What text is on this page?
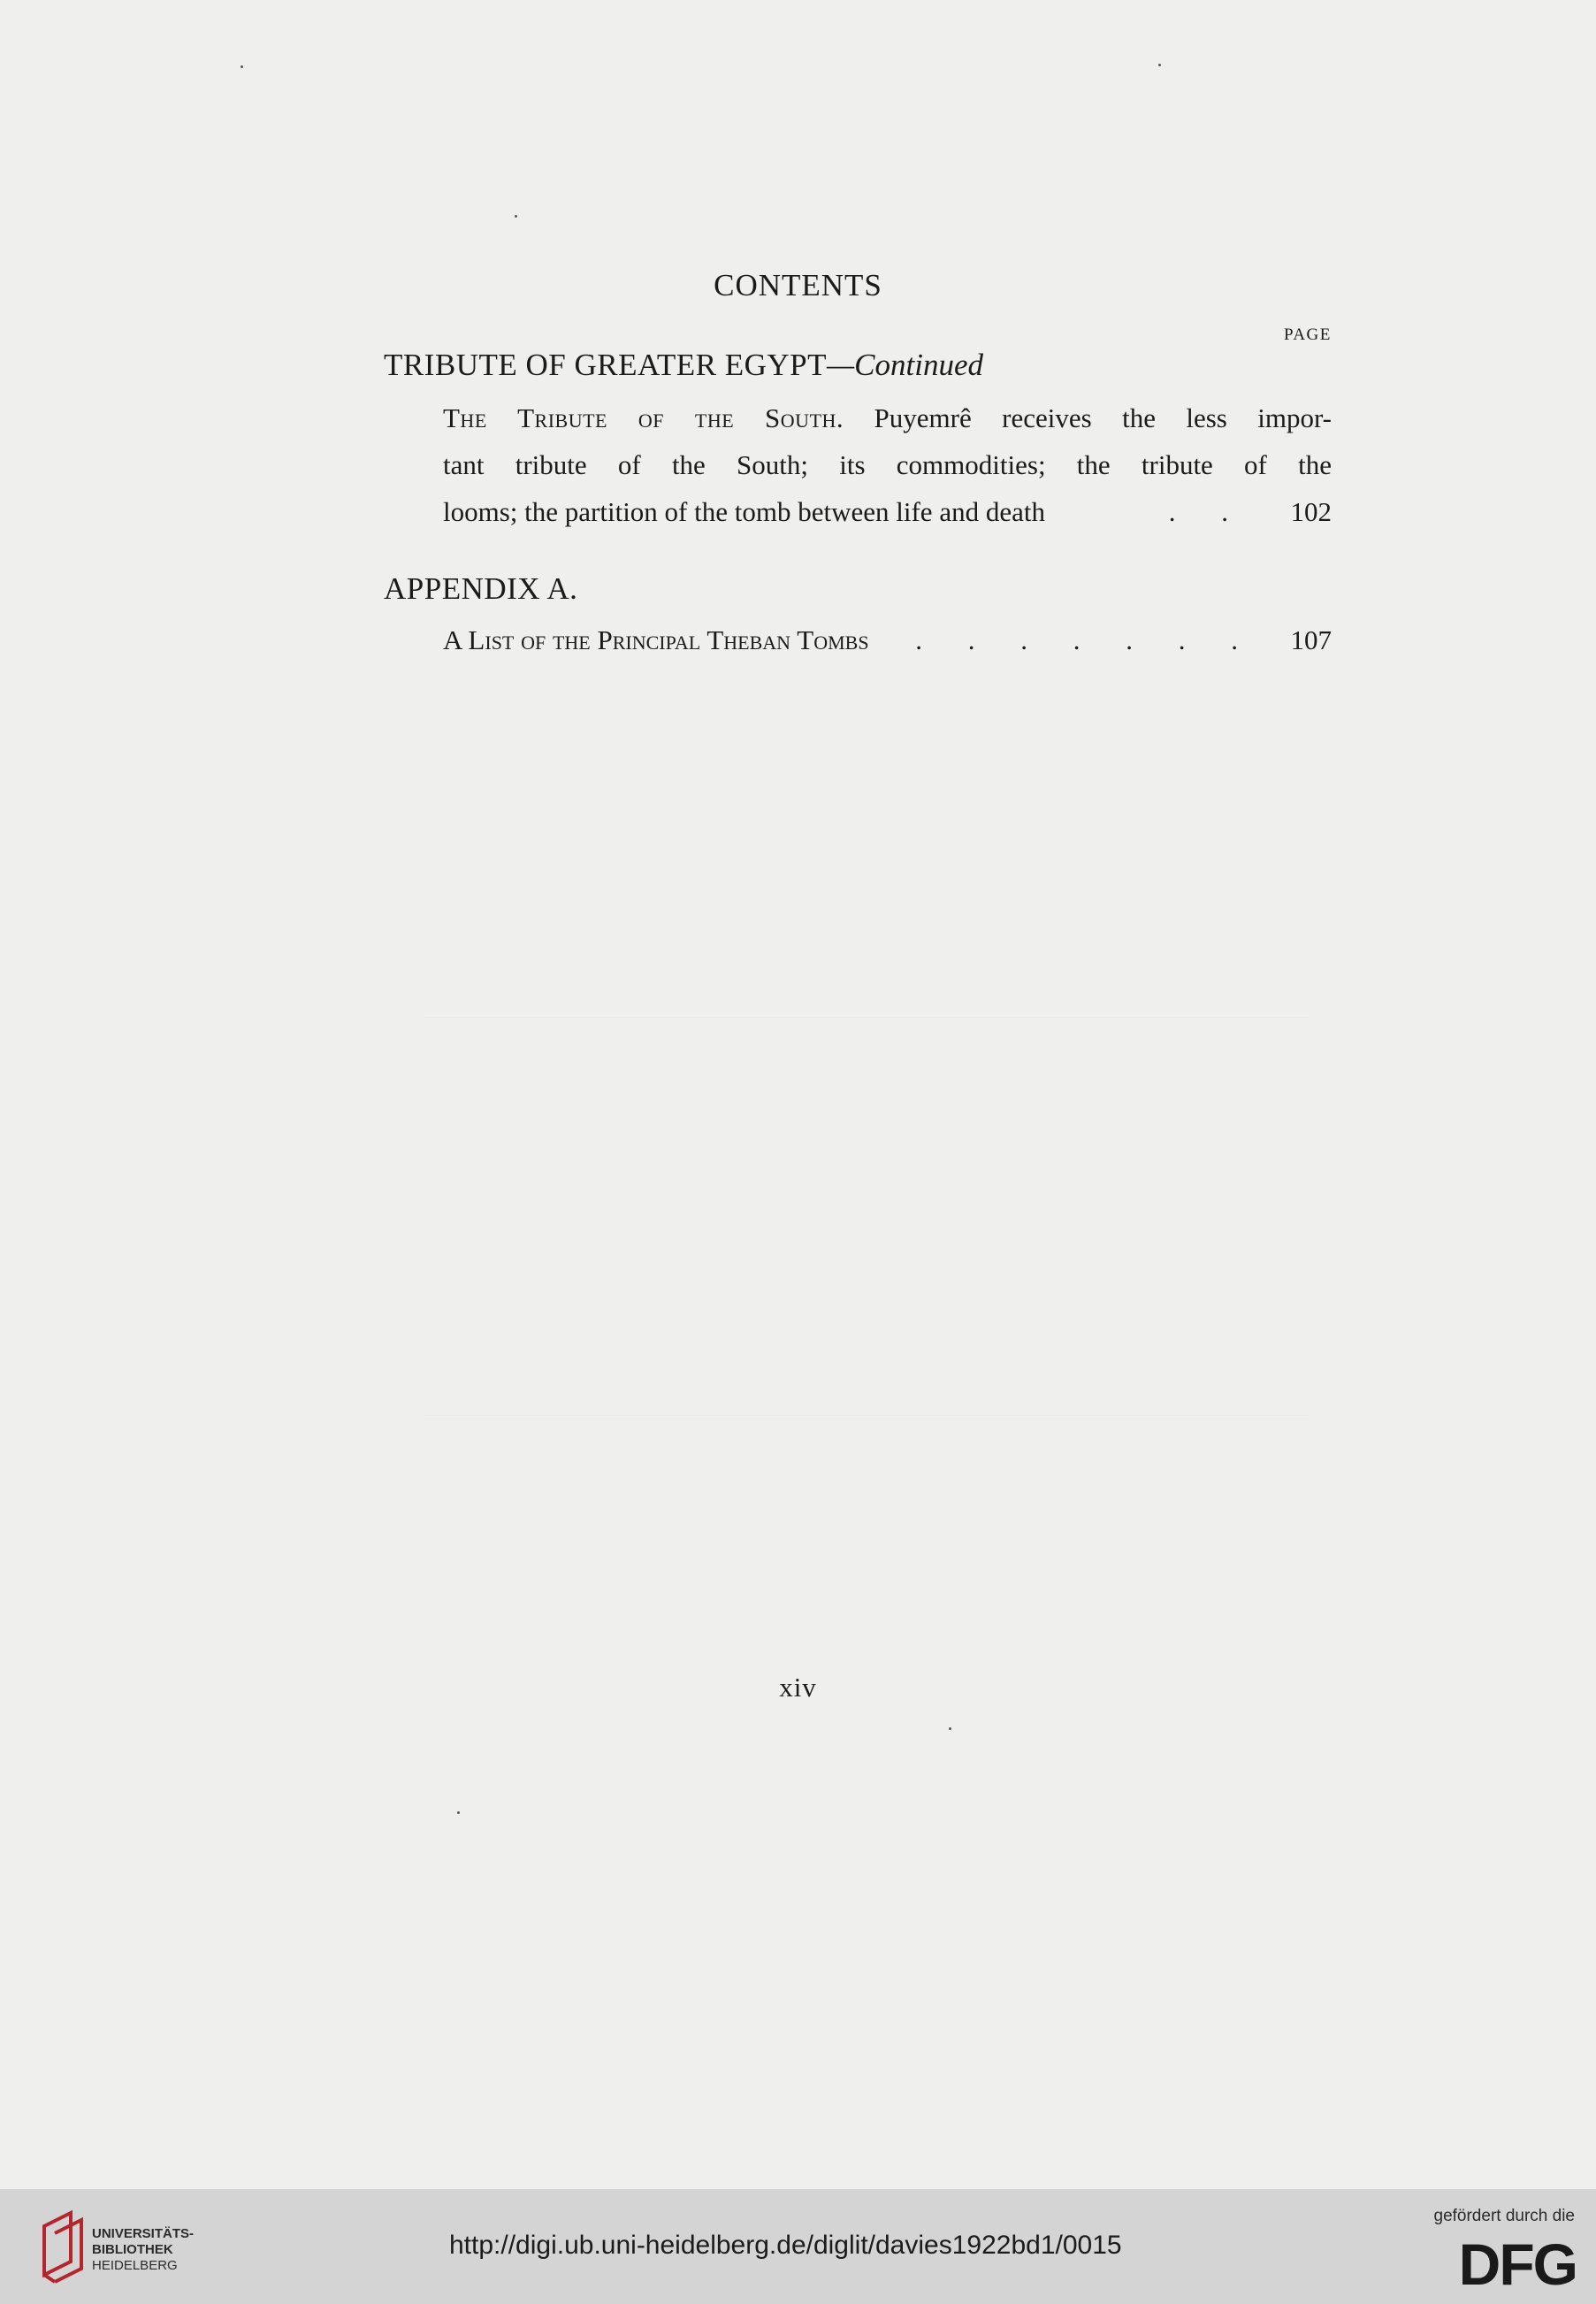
CONTENTS
PAGE
TRIBUTE OF GREATER EGYPT—Continued
The Tribute of the South. Puyemrê receives the less impor-
tant tribute of the South; its commodities; the tribute of the
looms; the partition of the tomb between life and death	. . 102
APPENDIX A.
A List of the Principal Theban Tombs . . . . . . . 107
xiv
UNIVERSITÄTS-
BIBLIOTHEK
HEIDELBERG
http://digi.ub.uni-heidelberg.de/diglit/davies1922bd1/0015
gefördert durch die
DFG
